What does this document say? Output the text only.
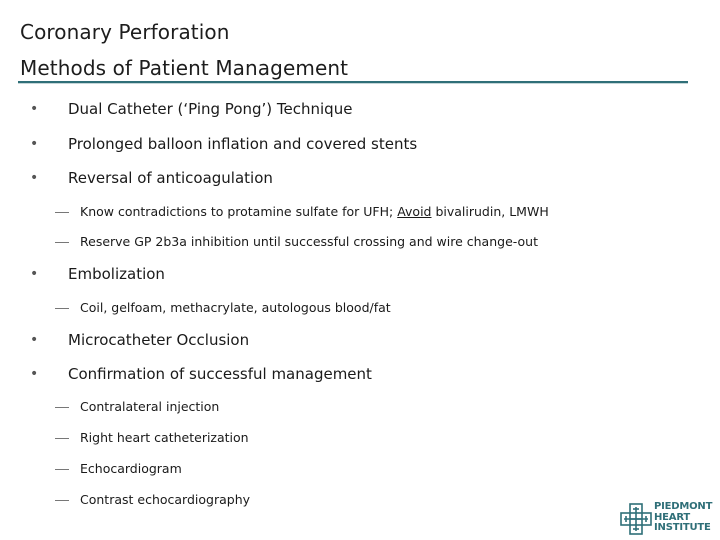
Coronary Perforation
Methods of Patient Management
• Dual Catheter (‘Ping Pong’) Technique
• Prolonged balloon inflation and covered stents
• Reversal of anticoagulation
Know contradictions to protamine sulfate for UFH; Avoid bivalirudin, LMWH
Reserve GP 2b3a inhibition until successful crossing and wire change-out
• Embolization
Coil, gelfoam, methacrylate, autologous blood/fat
• Microcatheter Occlusion
• Confirmation of successful management
Contralateral injection
Right heart catheterization
Echocardiogram
Contrast echocardiography	PIEDMONT
HEART
INSTITUTE
